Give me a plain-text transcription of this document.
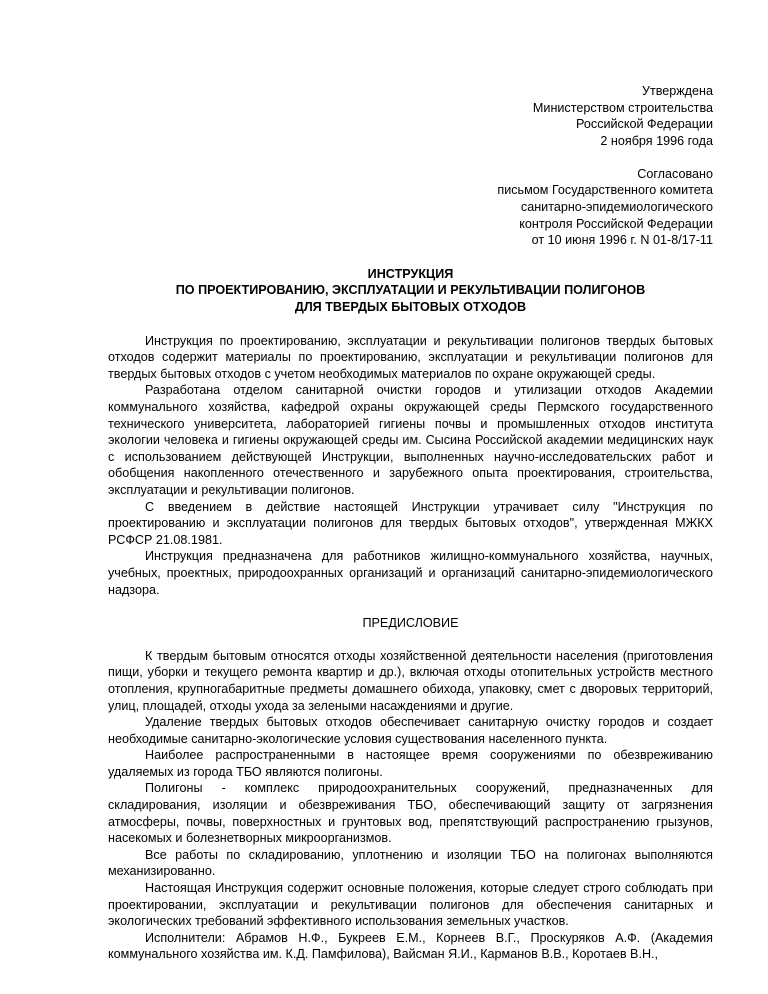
Утверждена
Министерством строительства
Российской Федерации
2 ноября 1996 года
Согласовано
письмом Государственного комитета
санитарно-эпидемиологического
контроля Российской Федерации
от 10 июня 1996 г. N 01-8/17-11
ИНСТРУКЦИЯ
ПО ПРОЕКТИРОВАНИЮ, ЭКСПЛУАТАЦИИ И РЕКУЛЬТИВАЦИИ ПОЛИГОНОВ
ДЛЯ ТВЕРДЫХ БЫТОВЫХ ОТХОДОВ

Инструкция по проектированию, эксплуатации и рекультивации полигонов твердых бытовых отходов содержит материалы по проектированию, эксплуатации и рекультивации полигонов для твердых бытовых отходов с учетом необходимых материалов по охране окружающей среды.

Разработана отделом санитарной очистки городов и утилизации отходов Академии коммунального хозяйства, кафедрой охраны окружающей среды Пермского государственного технического университета, лабораторией гигиены почвы и промышленных отходов института экологии человека и гигиены окружающей среды им. Сысина Российской академии медицинских наук с использованием действующей Инструкции, выполненных научно-исследовательских работ и обобщения накопленного отечественного и зарубежного опыта проектирования, строительства, эксплуатации и рекультивации полигонов.

С введением в действие настоящей Инструкции утрачивает силу "Инструкция по проектированию и эксплуатации полигонов для твердых бытовых отходов", утвержденная МЖКХ РСФСР 21.08.1981.

Инструкция предназначена для работников жилищно-коммунального хозяйства, научных, учебных, проектных, природоохранных организаций и организаций санитарно-эпидемиологического надзора.

ПРЕДИСЛОВИЕ

К твердым бытовым относятся отходы хозяйственной деятельности населения (приготовления пищи, уборки и текущего ремонта квартир и др.), включая отходы отопительных устройств местного отопления, крупногабаритные предметы домашнего обихода, упаковку, смет с дворовых территорий, улиц, площадей, отходы ухода за зелеными насаждениями и другие.

Удаление твердых бытовых отходов обеспечивает санитарную очистку городов и создает необходимые санитарно-экологические условия существования населенного пункта.

Наиболее распространенными в настоящее время сооружениями по обезвреживанию удаляемых из города ТБО являются полигоны.

Полигоны - комплекс природоохранительных сооружений, предназначенных для складирования, изоляции и обезвреживания ТБО, обеспечивающий защиту от загрязнения атмосферы, почвы, поверхностных и грунтовых вод, препятствующий распространению грызунов, насекомых и болезнетворных микроорганизмов.

Все работы по складированию, уплотнению и изоляции ТБО на полигонах выполняются механизированно.

Настоящая Инструкция содержит основные положения, которые следует строго соблюдать при проектировании, эксплуатации и рекультивации полигонов для обеспечения санитарных и экологических требований эффективного использования земельных участков.

Исполнители: Абрамов Н.Ф., Букреев Е.М., Корнеев В.Г., Проскуряков А.Ф. (Академия коммунального хозяйства им. К.Д. Памфилова), Вайсман Я.И., Карманов В.В., Коротаев В.Н.,
